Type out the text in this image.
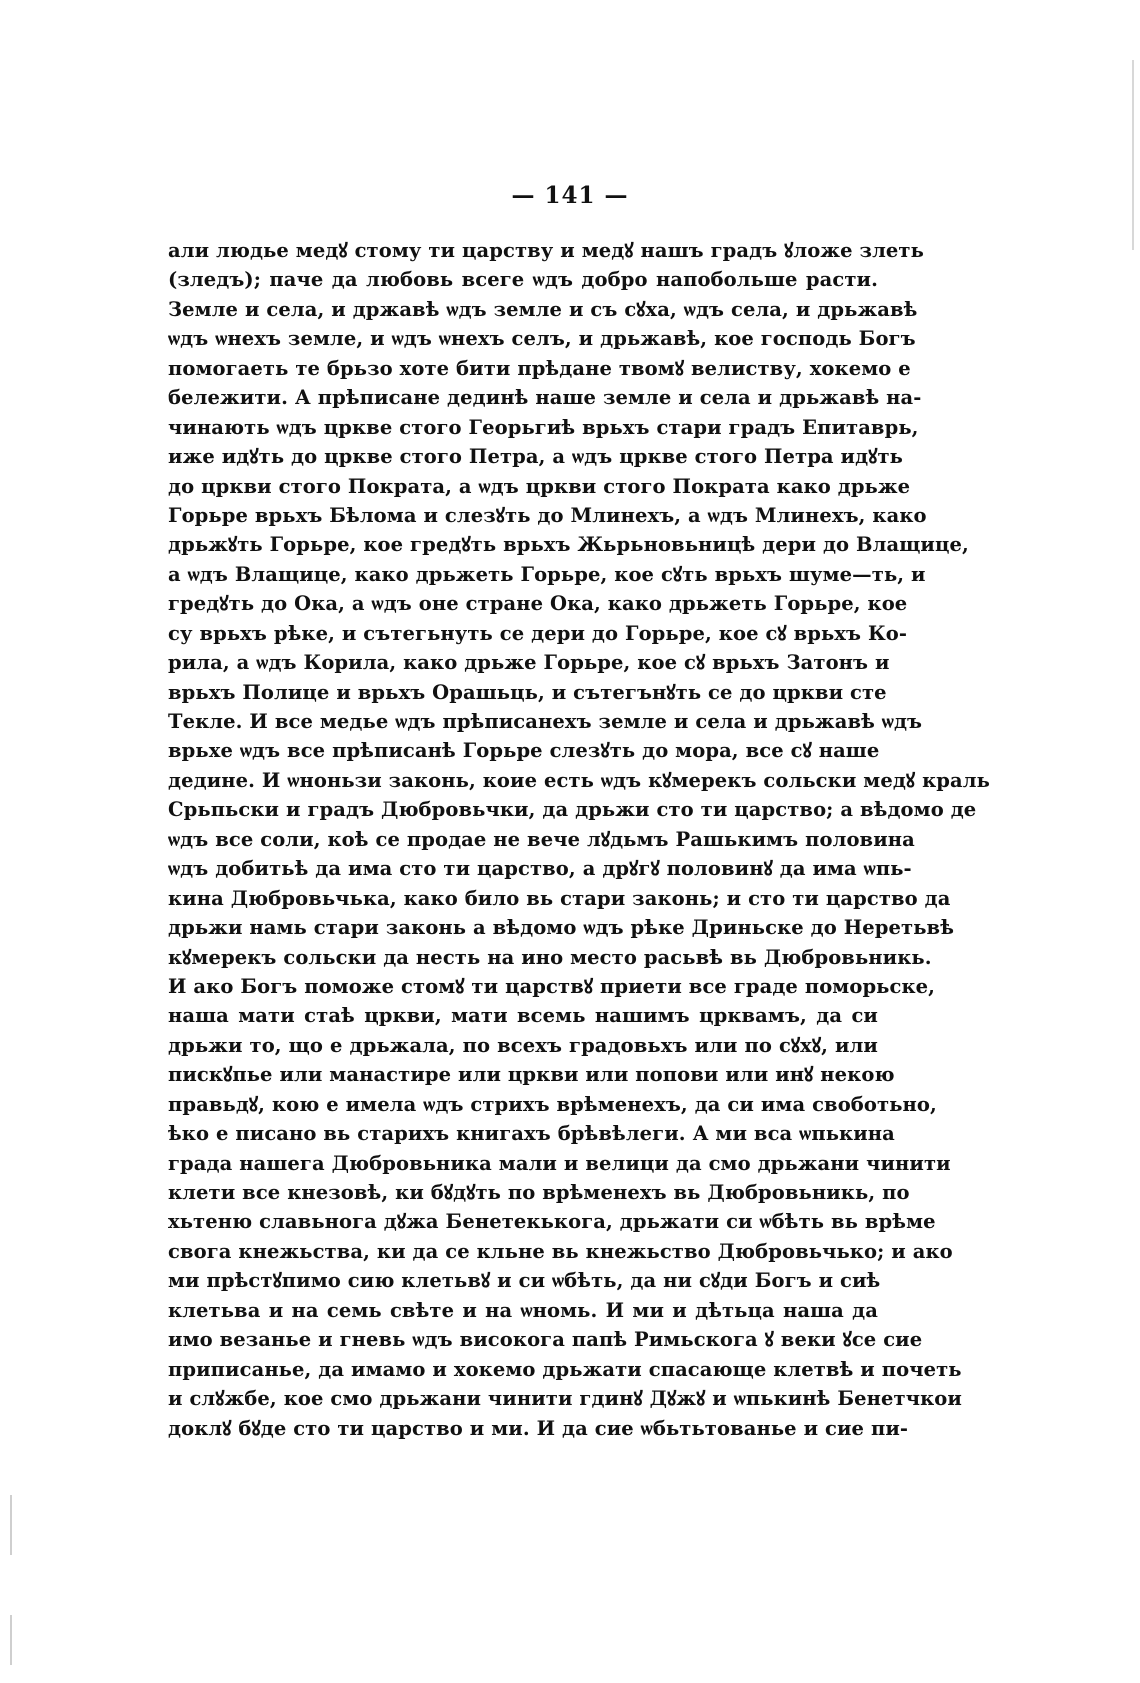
— 141 —
али людье медꙋ стому ти царству и медꙋ нашъ градъ ꙋложе злеть
(зледъ); паче да любовь всеге ѡдъ добро напобольше расти.
Земле и села, и државѣ ѡдъ земле и съ сꙋха, ѡдъ села, и дрьжавѣ
ѡдъ ѡнехъ земле, и ѡдъ ѡнехъ селъ, и дрьжавѣ, кое господь Богъ
помогаеть те брьзо хоте бити прѣдане твомꙋ велиству, хокемо е
бележити. А прѣписане дединѣ наше земле и села и дрьжавѣ на-
чинають ѡдъ цркве стого Георьгиѣ врьхъ стари градъ Епитаврь,
иже идꙋть до цркве стого Петра, а ѡдъ цркве стого Петра идꙋть
до цркви стого Пократа, а ѡдъ цркви стого Пократа како дрьже
Горьре врьхъ Бѣлома и слезꙋть до Млинехъ, а ѡдъ Млинехъ, како
дрьжꙋть Горьре, кое гредꙋть врьхъ Жьрьновьницѣ дери до Влащице,
а ѡдъ Влащице, како дрьжеть Горьре, кое сꙋть врьхъ шуме—ть, и
гредꙋть до Ока, а ѡдъ оне стране Ока, како дрьжеть Горьре, кое
су врьхъ рѣке, и сътегьнуть се дери до Горьре, кое сꙋ врьхъ Ко-
рила, а ѡдъ Корила, како дрьже Горьре, кое сꙋ врьхъ Затонъ и
врьхъ Полице и врьхъ Орашьць, и сътегънꙋть се до цркви сте
Текле. И все медье ѡдъ прѣписанехъ земле и села и дрьжавѣ ѡдъ
врьхе ѡдъ все прѣписанѣ Горьре слезꙋть до мора, все сꙋ наше
дедине. И ѡноньзи законь, коие есть ѡдъ кꙋмерекъ сольски медꙋ краль
Срьпьски и градъ Дюбровьчки, да дрьжи сто ти царство; а вѣдомо де
ѡдъ все соли, коѣ се продае не вече лꙋдьмъ Рашькимъ половина
ѡдъ добитьѣ да има сто ти царство, а дрꙋгꙋ половинꙋ да има ѡпь-
кина Дюбровьчька, како било вь стари законь; и сто ти царство да
дрьжи намь стари законь а вѣдомо ѡдъ рѣке Дриньске до Неретьвѣ
кꙋмерекъ сольски да несть на ино место расьвѣ вь Дюбровьникь.
И ако Богъ поможе стомꙋ ти царствꙋ приети все граде поморьске,
наша мати стаѣ цркви, мати всемь нашимъ црквамъ, да си
дрьжи то, що е дрьжала, по всехъ градовьхъ или по сꙋхꙋ, или
пискꙋпье или манастире или цркви или попови или инꙋ некою
правьдꙋ, кою е имела ѡдъ стрихъ врѣменехъ, да си има свобoтьно,
ѣко е писано вь старихъ книгахъ брѣвѣлеги. А ми вса ѡпькина
града нашега Дюбровьника мали и велици да смо дрьжани чинити
клети все кнезовѣ, ки бꙋдꙋть по врѣменехъ вь Дюбровьникь, по
хьтеню славьнога дꙋжа Бенетекькога, дрьжати си ѡбѣть вь врѣме
свога кнежьства, ки да се кльне вь кнежьство Дюбровьчько; и ако
ми прѣстꙋпимо сию клетьвꙋ и си ѡбѣть, да ни сꙋди Богъ и сиѣ
клетьва и на семь свѣте и на ѡномь. И ми и дѣтьца наша да
имо везанье и гневь ѡдъ високога папѣ Римьскога ꙋ веки ꙋсе сие
приписанье, да имамо и хокемо дрьжати спасающе клетвѣ и почеть
и слꙋжбе, кое смо дрьжани чинити гдинꙋ Дꙋжꙋ и ѡпькинѣ Бенетчкои
доклꙋ бꙋде сто ти царство и ми. И да сие ѡбьтьтованье и сие пи-
